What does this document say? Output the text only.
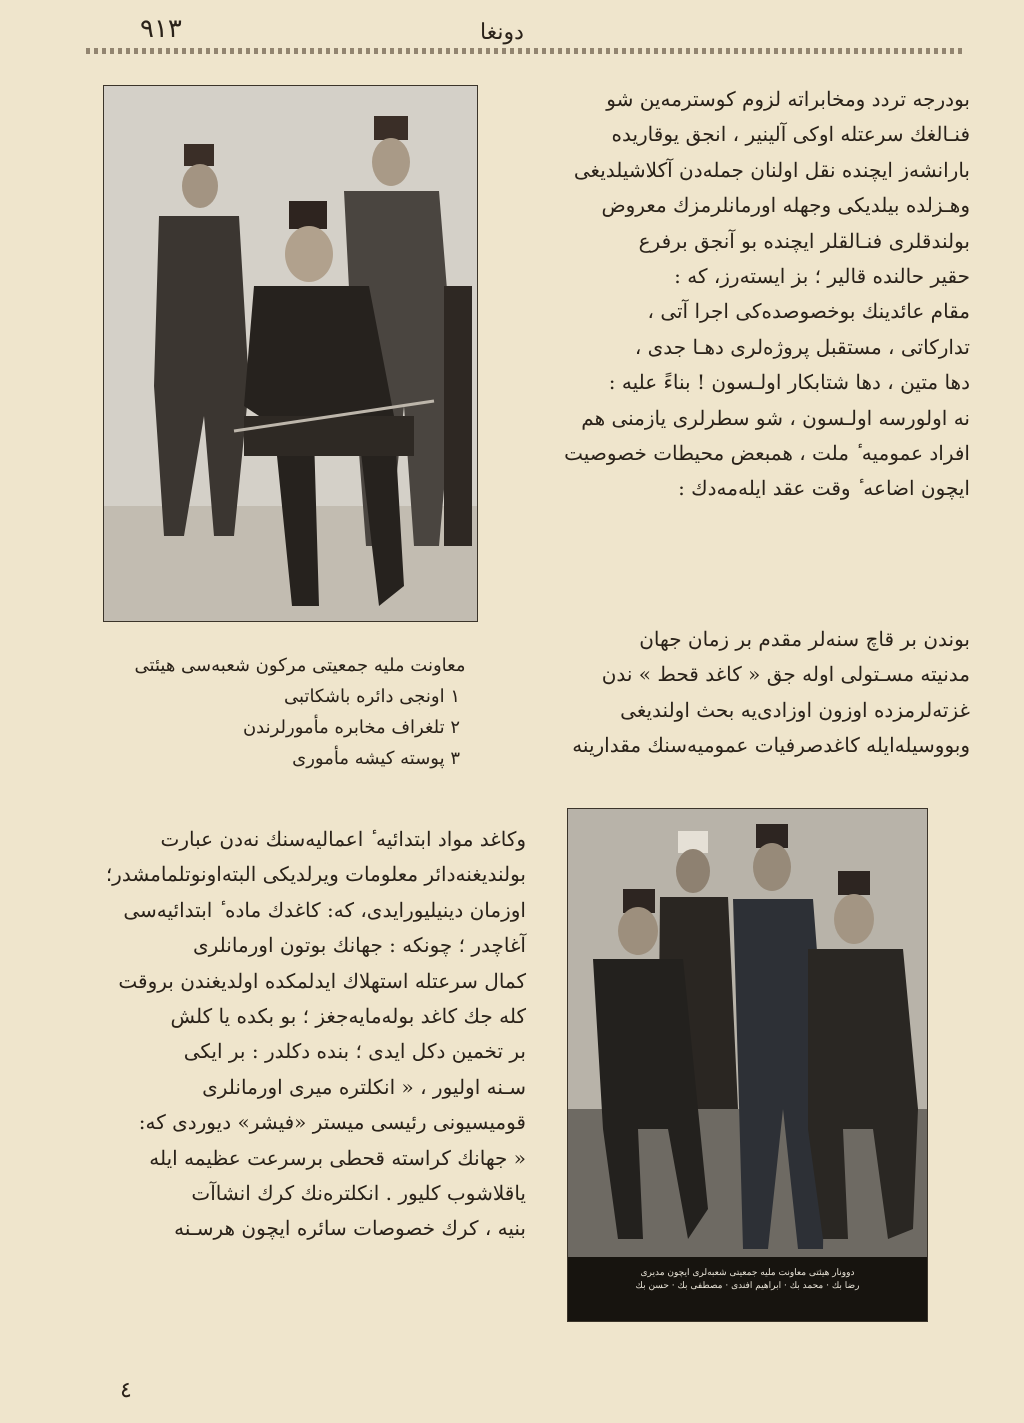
٩١٣	دونغا
معاونت ملیه جمعیتی مرکون شعبه‌سی هیئتی
١ اونجی دائره باشکاتبی
٢ تلغراف مخابره مأمورلرندن
٣ پوسته کیشه مأموری

بودرجه تردد ومخابراته لزوم کوسترمه‌ین شو

فنـالغك سرعتله اوکی آلینیر ، انجق یوقاریده

بارانشه‌ز ایچنده نقل اولنان جمله‌دن آکلاشیلدیغی

وهـزلده بیلدیکی وجهله اورمانلرمزك معروض

بولندقلری فنـالقلر ایچنده بو آنجق برفرع

حقیر حالنده قالیر ؛ بز ایسته‌رز، که :

مقام عائدینك بوخصوصده‌کی اجرا آتی ،

تدارکاتی ، مستقبل پروژه‌لری دهـا جدی ،

دها متین ، دها شتابکار اولـسون ! بناءً علیه :

نه اولورسه اولـسون ، شو سطرلری یازمنی هم

افراد عمومیه ٔ ملت ، همبعض محیطات خصوصیت

ایچون اضاعه ٔ وقت عقد ایله‌مه‌دك :

بوندن بر قاچ سنه‌لر مقدم بر زمان جهان

مدنیته مسـتولی اوله جق « کاغد قحط » ندن

غزته‌لرمزده اوزون اوزادی‌یه بحث اولندیغی

وبووسیله‌ایله کاغدصرفیات عمومیه‌سنك مقدارینه

دوونار هیئتی معاونت ملیه جمعیتی شعبه‌لری ایچون مدیری
رضا بك · محمد بك · ابراهیم افندی · مصطفی بك · حسن بك

وکاغد مواد ابتدائیه ٔ اعمالیه‌سنك نه‌دن عبارت

بولندیغنه‌دائر معلومات ویرلدیکی البته‌اونوتلمامشدر؛

اوزمان دینیلیورایدی، که: کاغدك ماده ٔ ابتدائیه‌سی

آغاچدر ؛ چونکه : جهانك بوتون اورمانلری

کمال سرعتله استهلاك ایدلمکده اولدیغندن بروقت

کله جك کاغد بوله‌مایه‌جغز ؛ بو بکده یا کلش

بر تخمین دکل ایدی ؛ بنده دکلدر : بر ایکی

سـنه اولیور ، « انکلتره میری اورمانلری

قومیسیونی رئیسی میستر «فیشر» دیوردی که:

« جهانك کراسته قحطی برسرعت عظیمه ایله

یاقلاشوب کلیور . انکلتره‌نك کرك انشاآت

بنیه ، کرك خصوصات سائره ایچون هرسـنه

٤
